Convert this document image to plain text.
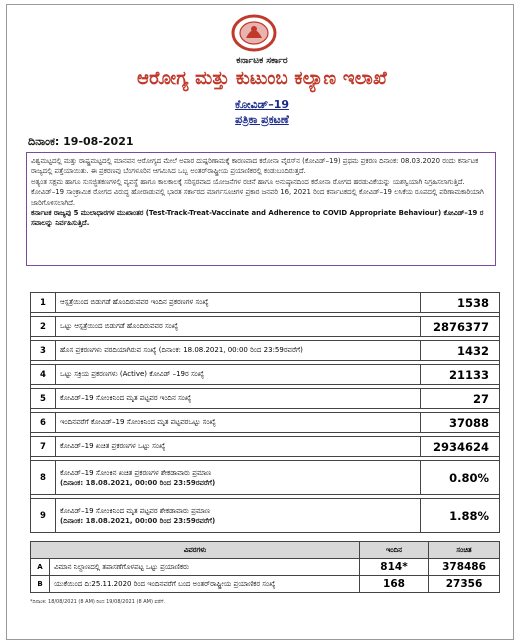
ಕರ್ನಾಟಕ ಸರ್ಕಾರ
ಆರೋಗ್ಯ ಮತ್ತು ಕುಟುಂಬ ಕಲ್ಯಾಣ ಇಲಾಖೆ
ಕೋವಿಡ್–19
ಪತ್ರಿಕಾ ಪ್ರಕಟಣೆ
ದಿನಾಂಕ: 19-08-2021

ವಿಶ್ವಮಟ್ಟದಲ್ಲಿ ಮತ್ತು ರಾಷ್ಟ್ರಮಟ್ಟದಲ್ಲಿ ಮಾನವನ ಆರೋಗ್ಯದ ಮೇಲೆ ಅಪಾರ ದುಷ್ಪರಿಣಾಮಕ್ಕೆ ಕಾರಣವಾದ ಕರೋನಾ ವೈರಸ್‌ನ (ಕೋವಿಡ್–19) ಪ್ರಥಮ ಪ್ರಕರಣ ದಿನಾಂಕ: 08.03.2020 ರಂದು ಕರ್ನಾಟಕ ರಾಜ್ಯದಲ್ಲಿ ಪತ್ತೆಯಾಯಿತು. ಈ ಪ್ರಕರಣವು ಬೆಂಗಳೂರಿನ ಆಗಮಿಸಿದ ಒಬ್ಬ ಅಂತರ್‌ರಾಷ್ಟ್ರೀಯ ಪ್ರಯಾಣಿಕರಲ್ಲಿ ಕಂಡುಬಂದಿರುತ್ತದೆ.

ಅತ್ಯಂತ ಸಕ್ಷಮ ಹಾಗೂ ಸುಸಜ್ಜಿತಕಣಗಳಲ್ಲಿ ವ್ಯವಸ್ಥೆ ಹಾಗೂ ಕಾಲಕಾಲಕ್ಕೆ ಸರಿಸ್ಪರವಾದ ಯೋಜನೆಗಳ ರಚನೆ ಹಾಗೂ ಅನುಷ್ಠಾನದಿಂದ ಕರೋನಾ ರೋಗದ ಹರಡುವಿಕೆಯನ್ನು ಯಶಸ್ವಿಯಾಗಿ ನಿಗ್ರಹಿಸಲಾಗುತ್ತಿದೆ.

ಕೋವಿಡ್–19 ಸಾಂಕ್ರಾಮಿಕ ರೋಗದ ವಿರುದ್ಧ ಹೋರಾಡುವಲ್ಲಿ ಭಾರತ ಸರ್ಕಾರದ ಮಾರ್ಗಸೂಚಿಗಳ ಪ್ರಕಾರ ಜನವರಿ 16, 2021 ರಿಂದ ಕರ್ನಾಟಕದಲ್ಲಿ ಕೋವಿಡ್–19 ಲಸಿಕೆಯ ರೂಪದಲ್ಲಿ ಪರಿಣಾಮಕಾರಿಯಾಗಿ ಜಾರಿಗೊಳಿಸಲಾಗಿದೆ.

ಕರ್ನಾಟಕ ರಾಜ್ಯವು 5 ಮುಲಾಧಾರಗಳ ಮುಖಾಂತರ (Test-Track-Treat-Vaccinate and Adherence to COVID Appropriate Behaviour) ಕೋವಿಡ್–19 ರ ಸವಾಲನ್ನು ನಿರ್ವಹಿಸುತ್ತಿದೆ.

1	ಆಸ್ಪತ್ರೆಯಿಂದ ಬಿಡುಗಡೆ ಹೊಂದಿರುವವರ ಇಂದಿನ ಪ್ರಕರಣಗಳ ಸಂಖ್ಯೆ	1538

2	ಒಟ್ಟು ಆಸ್ಪತ್ರೆಯಿಂದ ಬಿಡುಗಡೆ ಹೊಂದಿರುವವರ ಸಂಖ್ಯೆ	2876377

3	ಹೊಸ ಪ್ರಕರಣಗಳು ವರದಿಯಾಗಿರುವ ಸಂಖ್ಯೆ (ದಿನಾಂಕ: 18.08.2021, 00:00 ರಿಂದ 23:59ರವರೆಗೆ)	1432

4	ಒಟ್ಟು ಸಕ್ರಿಯ ಪ್ರಕರಣಗಳು (Active) ಕೋವಿಡ್ –19ರ ಸಂಖ್ಯೆ	21133

5	ಕೋವಿಡ್–19 ಸೋಂಕಿನಿಂದ ಮೃತ ಪಟ್ಟವರ ಇಂದಿನ ಸಂಖ್ಯೆ	27

6	ಇಂದಿನವರೆಗೆ ಕೋವಿಡ್–19 ಸೋಂಕಿನಿಂದ ಮೃತ ಪಟ್ಟವರಒಟ್ಟು ಸಂಖ್ಯೆ	37088

7	ಕೋವಿಡ್–19 ಖಚಿತ ಪ್ರಕರಣಗಳ ಒಟ್ಟು ಸಂಖ್ಯೆ	2934624

8	ಕೋವಿಡ್–19 ಸೋಂಕಿನ ಖಚಿತ ಪ್ರಕರಣಗಳ ಶೇಕಡಾವಾರು ಪ್ರಮಾಣ
(ದಿನಾಂಕ: 18.08.2021, 00:00 ರಿಂದ 23:59ರವರೆಗೆ)	0.80%

9	ಕೋವಿಡ್–19 ಸೋಂಕಿನಿಂದ ಮೃತ ಪಟ್ಟವರ ಶೇಕಡಾವಾರು ಪ್ರಮಾಣ
(ದಿನಾಂಕ: 18.08.2021, 00:00 ರಿಂದ 23:59ರವರೆಗೆ)	1.88%
ವಿವರಗಳು		ಇಂದಿನ	ಸಂಚಿತ
A	ವಿಮಾನ ನಿಲ್ದಾಣದಲ್ಲಿ ತಪಾಸಣೆಗೊಳಪಟ್ಟ ಒಟ್ಟು ಪ್ರಯಾಣಿಕರು	814*	378486
B	ಯುಕೆಯಿಂದ ದಿ:25.11.2020 ರಿಂದ ಇಂದಿನವರೆಗೆ ಬಂದ ಅಂತರ್‌ರಾಷ್ಟ್ರೀಯ ಪ್ರಯಾಣಿಕರ ಸಂಖ್ಯೆ	168	27356
*ದಿನಾಂಕ: 18/08/2021 (8 AM) ರಿಂದ 19/08/2021 (8 AM) ವರೆಗೆ.
